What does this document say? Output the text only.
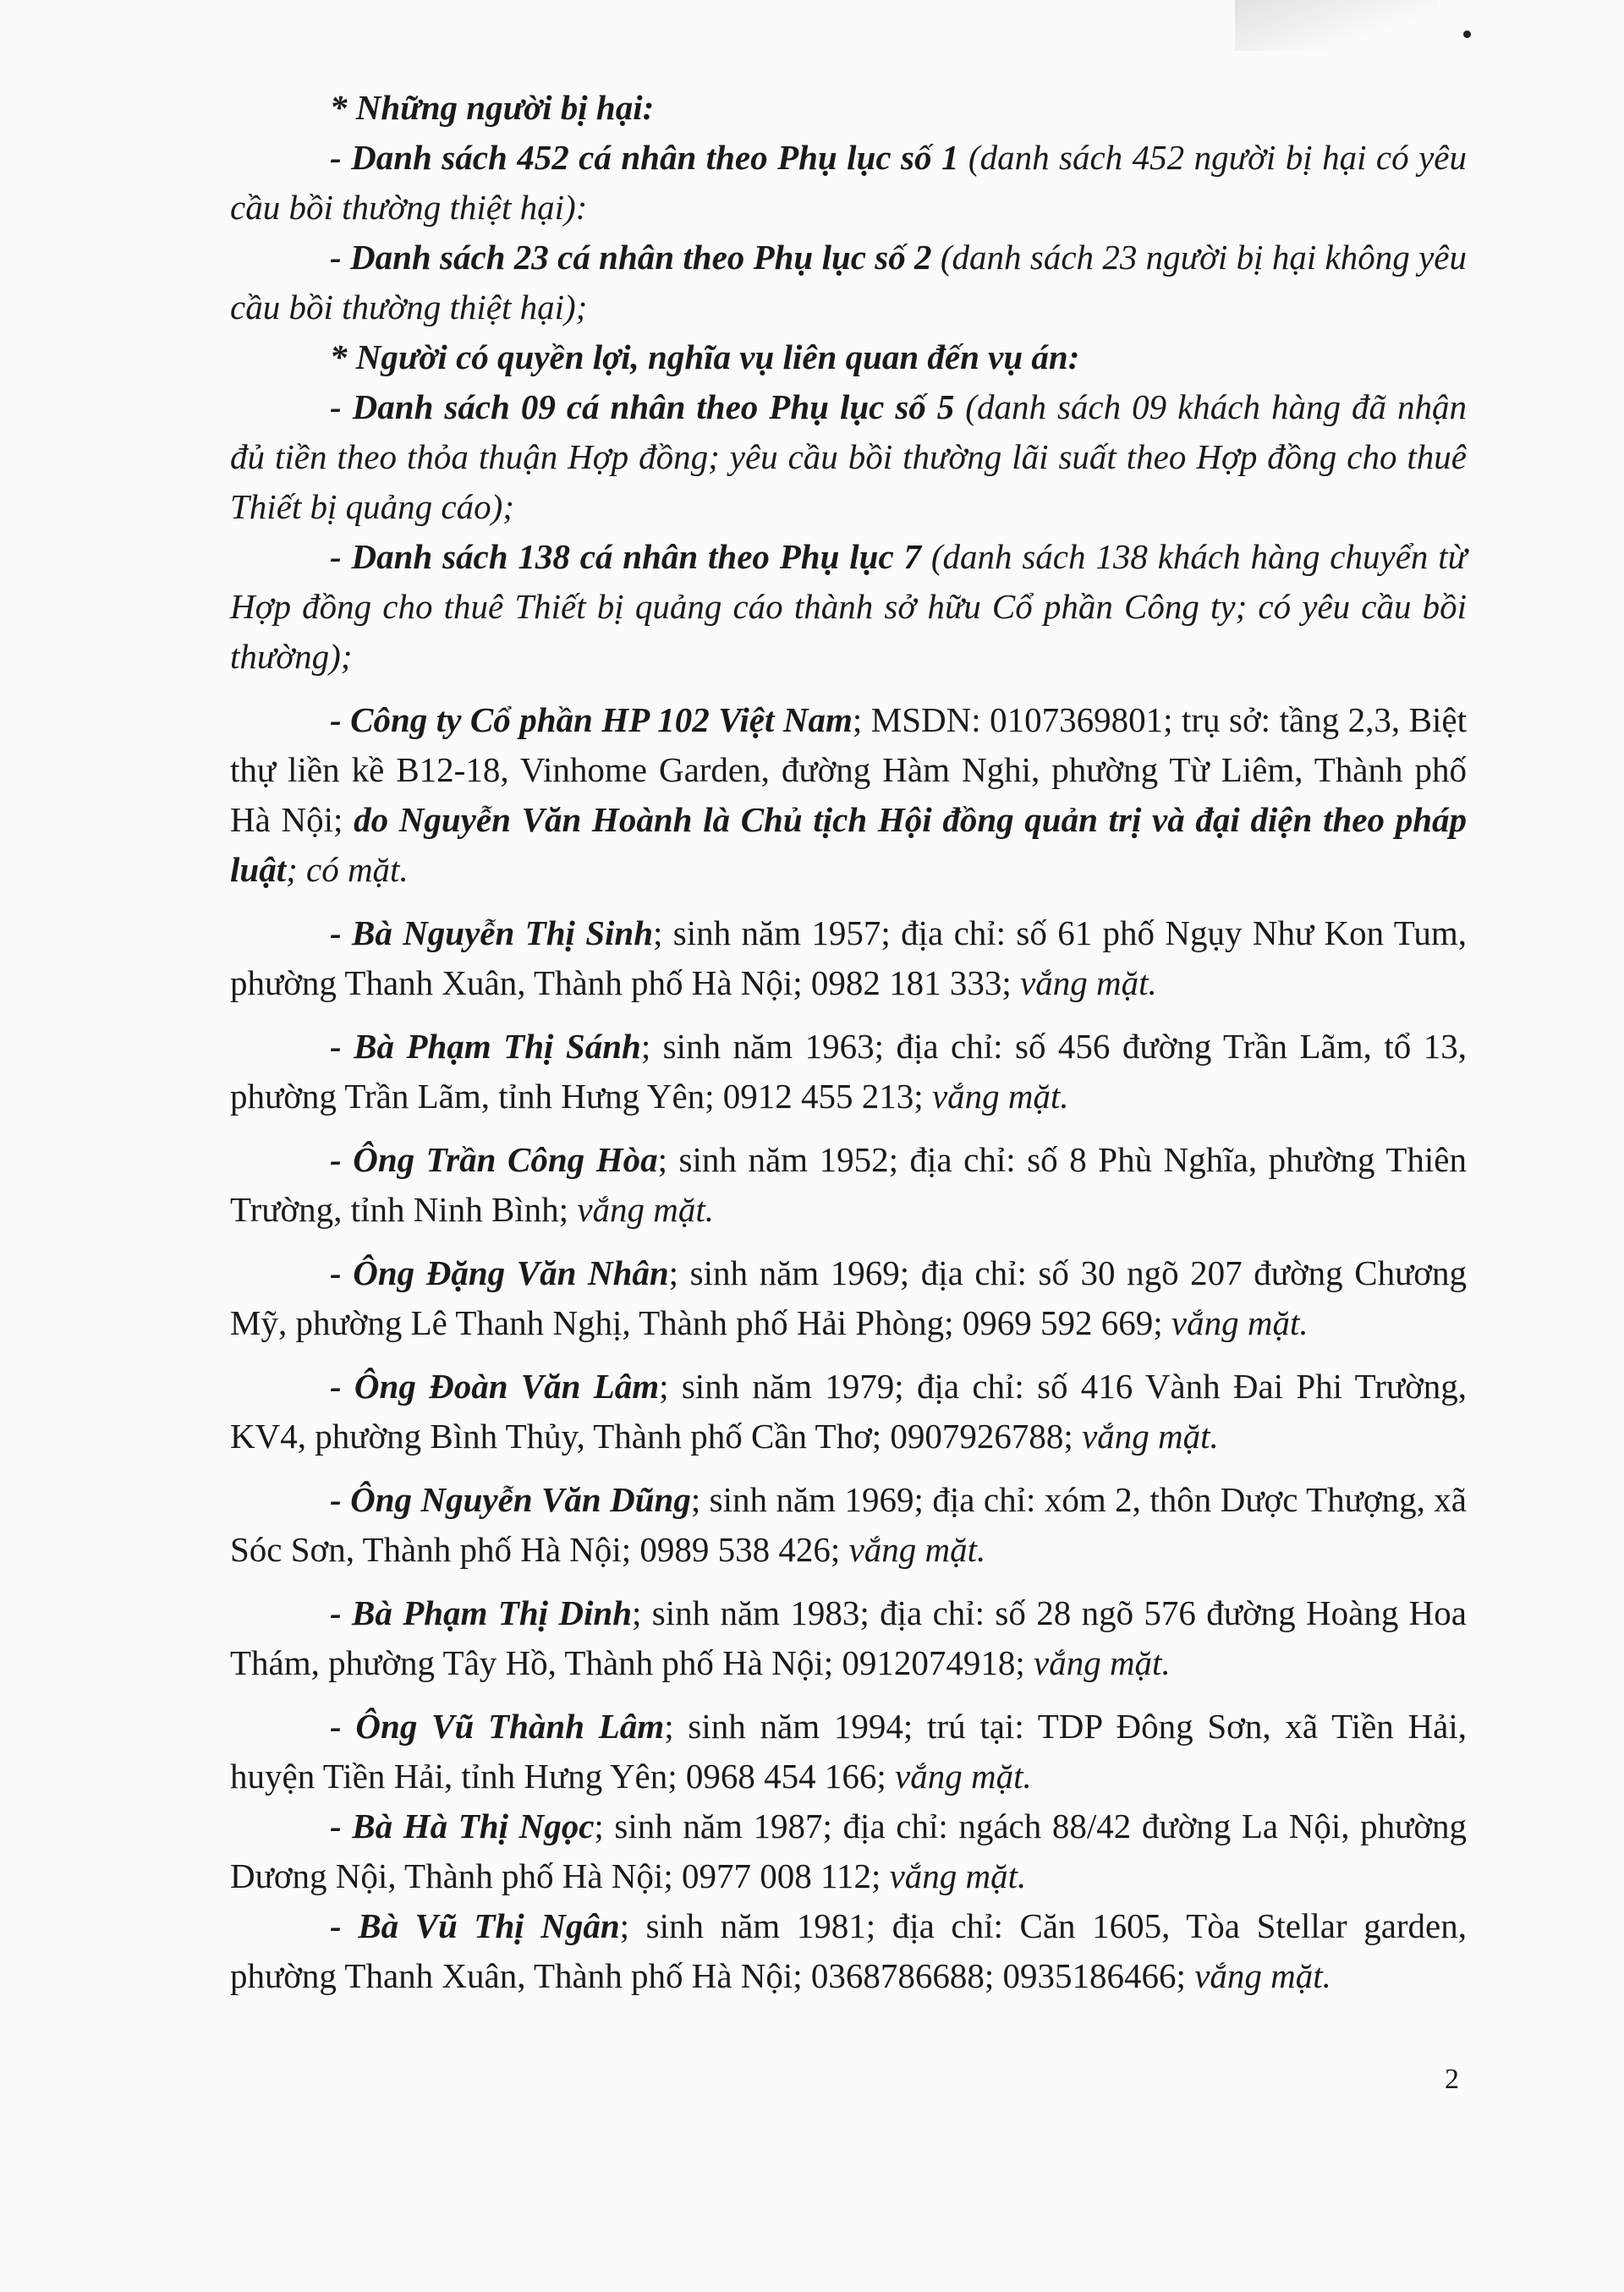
* Những người bị hại:

- Danh sách 452 cá nhân theo Phụ lục số 1 (danh sách 452 người bị hại có yêu cầu bồi thường thiệt hại):

- Danh sách 23 cá nhân theo Phụ lục số 2 (danh sách 23 người bị hại không yêu cầu bồi thường thiệt hại);

* Người có quyền lợi, nghĩa vụ liên quan đến vụ án:

- Danh sách 09 cá nhân theo Phụ lục số 5 (danh sách 09 khách hàng đã nhận đủ tiền theo thỏa thuận Hợp đồng; yêu cầu bồi thường lãi suất theo Hợp đồng cho thuê Thiết bị quảng cáo);

- Danh sách 138 cá nhân theo Phụ lục 7 (danh sách 138 khách hàng chuyển từ Hợp đồng cho thuê Thiết bị quảng cáo thành sở hữu Cổ phần Công ty; có yêu cầu bồi thường);

- Công ty Cổ phần HP 102 Việt Nam; MSDN: 0107369801; trụ sở: tầng 2,3, Biệt thự liền kề B12-18, Vinhome Garden, đường Hàm Nghi, phường Từ Liêm, Thành phố Hà Nội; do Nguyễn Văn Hoành là Chủ tịch Hội đồng quản trị và đại diện theo pháp luật; có mặt.

- Bà Nguyễn Thị Sinh; sinh năm 1957; địa chỉ: số 61 phố Ngụy Như Kon Tum, phường Thanh Xuân, Thành phố Hà Nội; 0982 181 333; vắng mặt.

- Bà Phạm Thị Sánh; sinh năm 1963; địa chỉ: số 456 đường Trần Lãm, tổ 13, phường Trần Lãm, tỉnh Hưng Yên; 0912 455 213; vắng mặt.

- Ông Trần Công Hòa; sinh năm 1952; địa chỉ: số 8 Phù Nghĩa, phường Thiên Trường, tỉnh Ninh Bình; vắng mặt.

- Ông Đặng Văn Nhân; sinh năm 1969; địa chỉ: số 30 ngõ 207 đường Chương Mỹ, phường Lê Thanh Nghị, Thành phố Hải Phòng; 0969 592 669; vắng mặt.

- Ông Đoàn Văn Lâm; sinh năm 1979; địa chỉ: số 416 Vành Đai Phi Trường, KV4, phường Bình Thủy, Thành phố Cần Thơ; 0907926788; vắng mặt.

- Ông Nguyễn Văn Dũng; sinh năm 1969; địa chỉ: xóm 2, thôn Dược Thượng, xã Sóc Sơn, Thành phố Hà Nội; 0989 538 426; vắng mặt.

- Bà Phạm Thị Dinh; sinh năm 1983; địa chỉ: số 28 ngõ 576 đường Hoàng Hoa Thám, phường Tây Hồ, Thành phố Hà Nội; 0912074918; vắng mặt.

- Ông Vũ Thành Lâm; sinh năm 1994; trú tại: TDP Đông Sơn, xã Tiền Hải, huyện Tiền Hải, tỉnh Hưng Yên; 0968 454 166; vắng mặt.

- Bà Hà Thị Ngọc; sinh năm 1987; địa chỉ: ngách 88/42 đường La Nội, phường Dương Nội, Thành phố Hà Nội; 0977 008 112; vắng mặt.

- Bà Vũ Thị Ngân; sinh năm 1981; địa chỉ: Căn 1605, Tòa Stellar garden, phường Thanh Xuân, Thành phố Hà Nội; 0368786688; 0935186466; vắng mặt.

2
